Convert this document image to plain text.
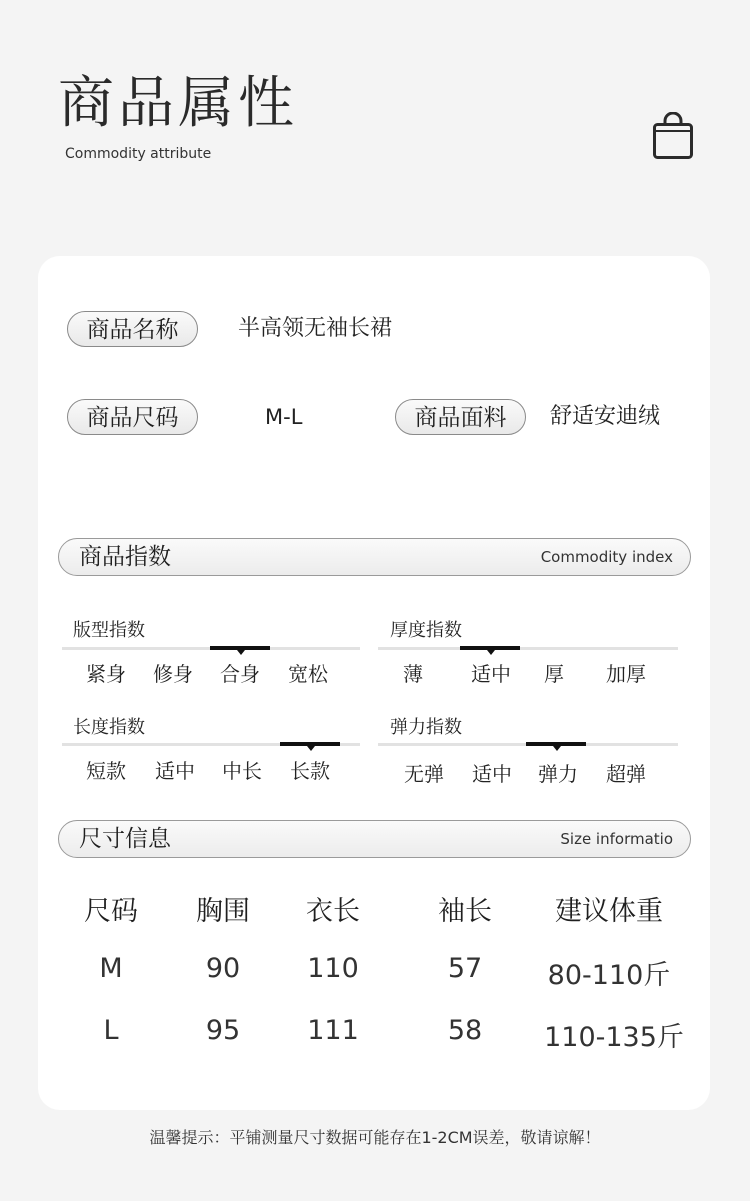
商品属性
Commodity attribute
商品名称	半高领无袖长裙
商品尺码	M-L	商品面料	舒适安迪绒
商品指数	Commodity index
版型指数
紧身	修身	合身	宽松
厚度指数
薄	适中	厚	加厚
长度指数
短款	适中	中长	长款
弹力指数
无弹	适中	弹力	超弹
尺寸信息	Size informatio
尺码	胸围	衣长	袖长	建议体重
M	90	110	57	80-110斤
L	95	111	58	110-135斤
温馨提示：平铺测量尺寸数据可能存在1-2CM误差，敬请谅解！
